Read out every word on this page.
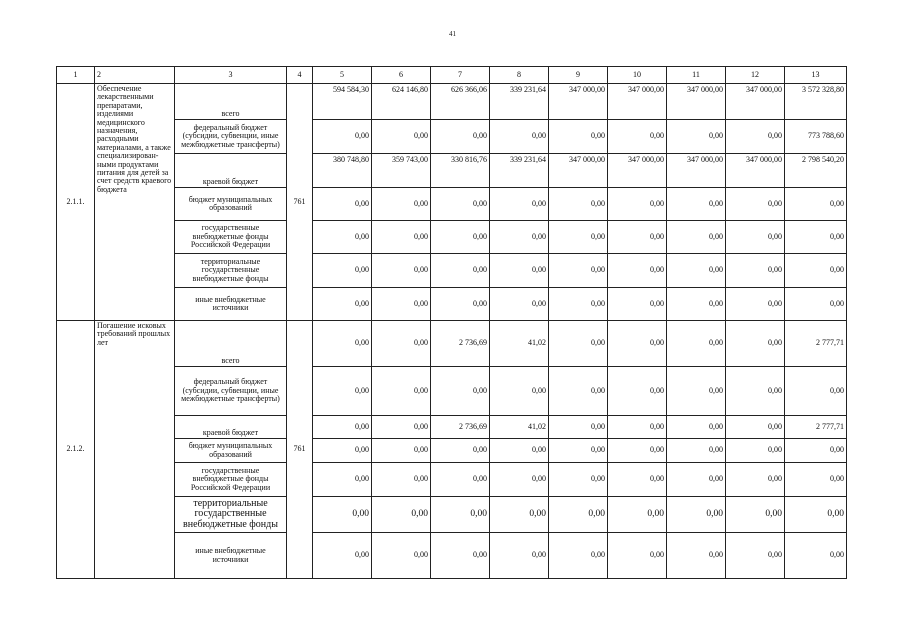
41
1	2	3	4	5	6	7	8	9	10	11	12	13
2.1.1.	Обеспечение лекарственными препаратами, изделиями медицинского назначения, расходными материалами, а также специализирован-ными продуктами питания для детей за счет средств краевого бюджета	всего	761	594 584,30	624 146,80	626 366,06	339 231,64	347 000,00	347 000,00	347 000,00	347 000,00	3 572 328,80
		федеральный бюджет (субсидии, субвенции, иные межбюджетные трансферты)		0,00	0,00	0,00	0,00	0,00	0,00	0,00	0,00	773 788,60
		краевой бюджет		380 748,80	359 743,00	330 816,76	339 231,64	347 000,00	347 000,00	347 000,00	347 000,00	2 798 540,20
		бюджет муниципальных образований		0,00	0,00	0,00	0,00	0,00	0,00	0,00	0,00	0,00
		государственные внебюджетные фонды Российской Федерации		0,00	0,00	0,00	0,00	0,00	0,00	0,00	0,00	0,00
		территориальные государственные внебюджетные фонды		0,00	0,00	0,00	0,00	0,00	0,00	0,00	0,00	0,00
		иные внебюджетные источники		0,00	0,00	0,00	0,00	0,00	0,00	0,00	0,00	0,00
2.1.2.	Погашение исковых требований прошлых лет	всего	761	0,00	0,00	2 736,69	41,02	0,00	0,00	0,00	0,00	2 777,71
		федеральный бюджет (субсидии, субвенции, иные межбюджетные трансферты)		0,00	0,00	0,00	0,00	0,00	0,00	0,00	0,00	0,00
		краевой бюджет		0,00	0,00	2 736,69	41,02	0,00	0,00	0,00	0,00	2 777,71
		бюджет муниципальных образований		0,00	0,00	0,00	0,00	0,00	0,00	0,00	0,00	0,00
		государственные внебюджетные фонды Российской Федерации		0,00	0,00	0,00	0,00	0,00	0,00	0,00	0,00	0,00
		территориальные государственные внебюджетные фонды		0,00	0,00	0,00	0,00	0,00	0,00	0,00	0,00	0,00
		иные внебюджетные источники		0,00	0,00	0,00	0,00	0,00	0,00	0,00	0,00	0,00
